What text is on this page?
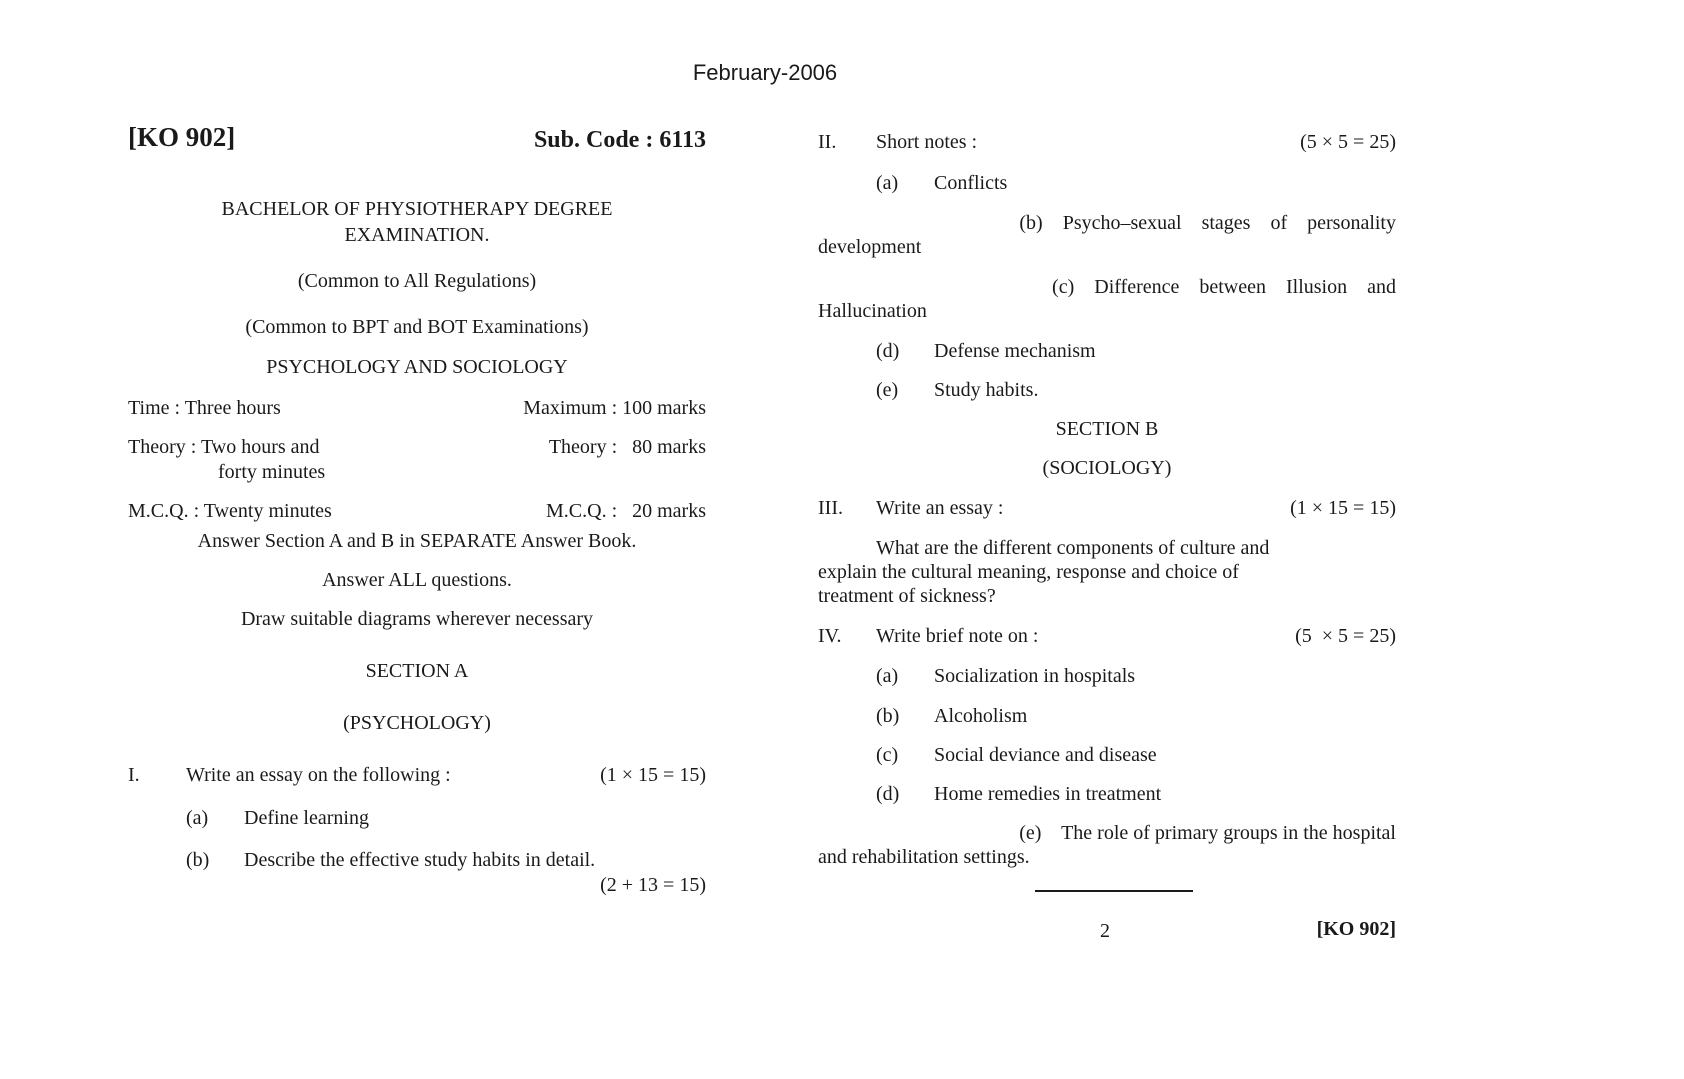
February-2006
[KO 902]	Sub. Code : 6113
BACHELOR OF PHYSIOTHERAPY DEGREE
EXAMINATION.
(Common to All Regulations)
(Common to BPT and BOT Examinations)
PSYCHOLOGY AND SOCIOLOGY
Time : Three hours	Maximum : 100 marks
Theory : Two hours and
forty minutes
Theory :   80 marks
M.C.Q. : Twenty minutes	M.C.Q. :   20 marks
Answer Section A and B in SEPARATE Answer Book.
Answer ALL questions.
Draw suitable diagrams wherever necessary
SECTION A
(PSYCHOLOGY)
I. Write an essay on the following :	(1 × 15 = 15)
(a) Define learning
(b) Describe the effective study habits in detail.
(2 + 13 = 15)
II. Short notes :	(5 × 5 = 25)
(a) Conflicts
(b)    Psycho–sexual    stages    of    personality
development
(c)    Difference    between    Illusion    and
Hallucination
(d) Defense mechanism
(e) Study habits.
SECTION B
(SOCIOLOGY)
III. Write an essay :	(1 × 15 = 15)
What are the different components of culture and
explain the cultural meaning, response and choice of
treatment of sickness?
IV. Write brief note on :	(5  × 5 = 25)
(a) Socialization in hospitals
(b) Alcoholism
(c) Social deviance and disease
(d) Home remedies in treatment
(e)    The role of primary groups in the hospital
and rehabilitation settings.
2	[KO 902]
